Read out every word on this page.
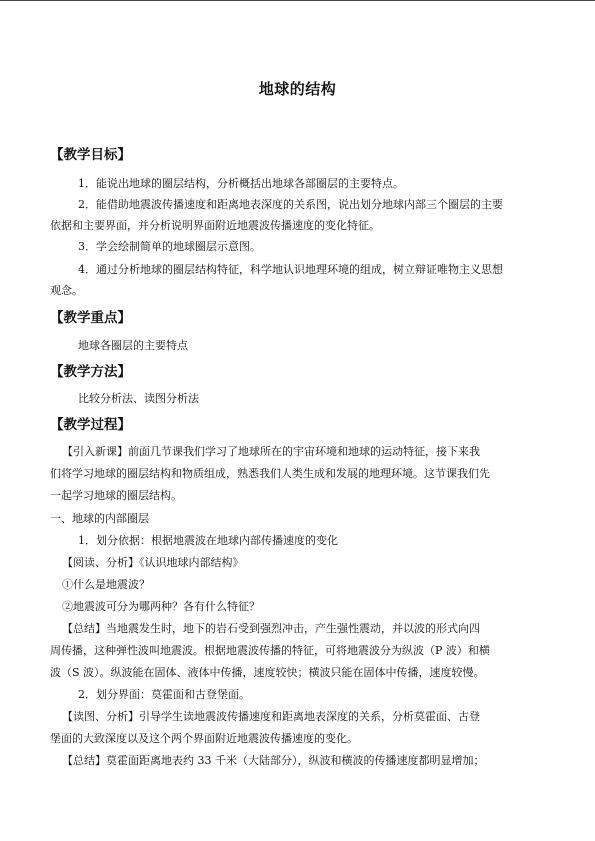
地球的结构
【教学目标】
1．能说出地球的圈层结构，分析概括出地球各部圈层的主要特点。
2．能借助地震波传播速度和距离地表深度的关系图，说出划分地球内部三个圈层的主要
依据和主要界面，并分析说明界面附近地震波传播速度的变化特征。
3．学会绘制简单的地球圈层示意图。
4．通过分析地球的圈层结构特征，科学地认识地理环境的组成，树立辩证唯物主义思想
观念。
【教学重点】
地球各圈层的主要特点
【教学方法】
比较分析法、读图分析法
【教学过程】
【引入新课】前面几节课我们学习了地球所在的宇宙环境和地球的运动特征，接下来我
们将学习地球的圈层结构和物质组成，熟悉我们人类生成和发展的地理环境。这节课我们先
一起学习地球的圈层结构。
一、地球的内部圈层
1．划分依据：根据地震波在地球内部传播速度的变化
【阅读、分析】《认识地球内部结构》
①什么是地震波？
②地震波可分为哪两种？各有什么特征？
【总结】当地震发生时，地下的岩石受到强烈冲击，产生强性震动，并以波的形式向四
周传播，这种弹性波叫地震波。根据地震波传播的特征，可将地震波分为纵波（P 波）和横
波（S 波）。纵波能在固体、液体中传播，速度较快；横波只能在固体中传播，速度较慢。
2．划分界面：莫霍面和古登堡面。
【读图、分析】引导学生读地震波传播速度和距离地表深度的关系，分析莫霍面、古登
堡面的大致深度以及这个两个界面附近地震波传播速度的变化。
【总结】莫霍面距离地表约 33 千米（大陆部分），纵波和横波的传播速度都明显增加；
